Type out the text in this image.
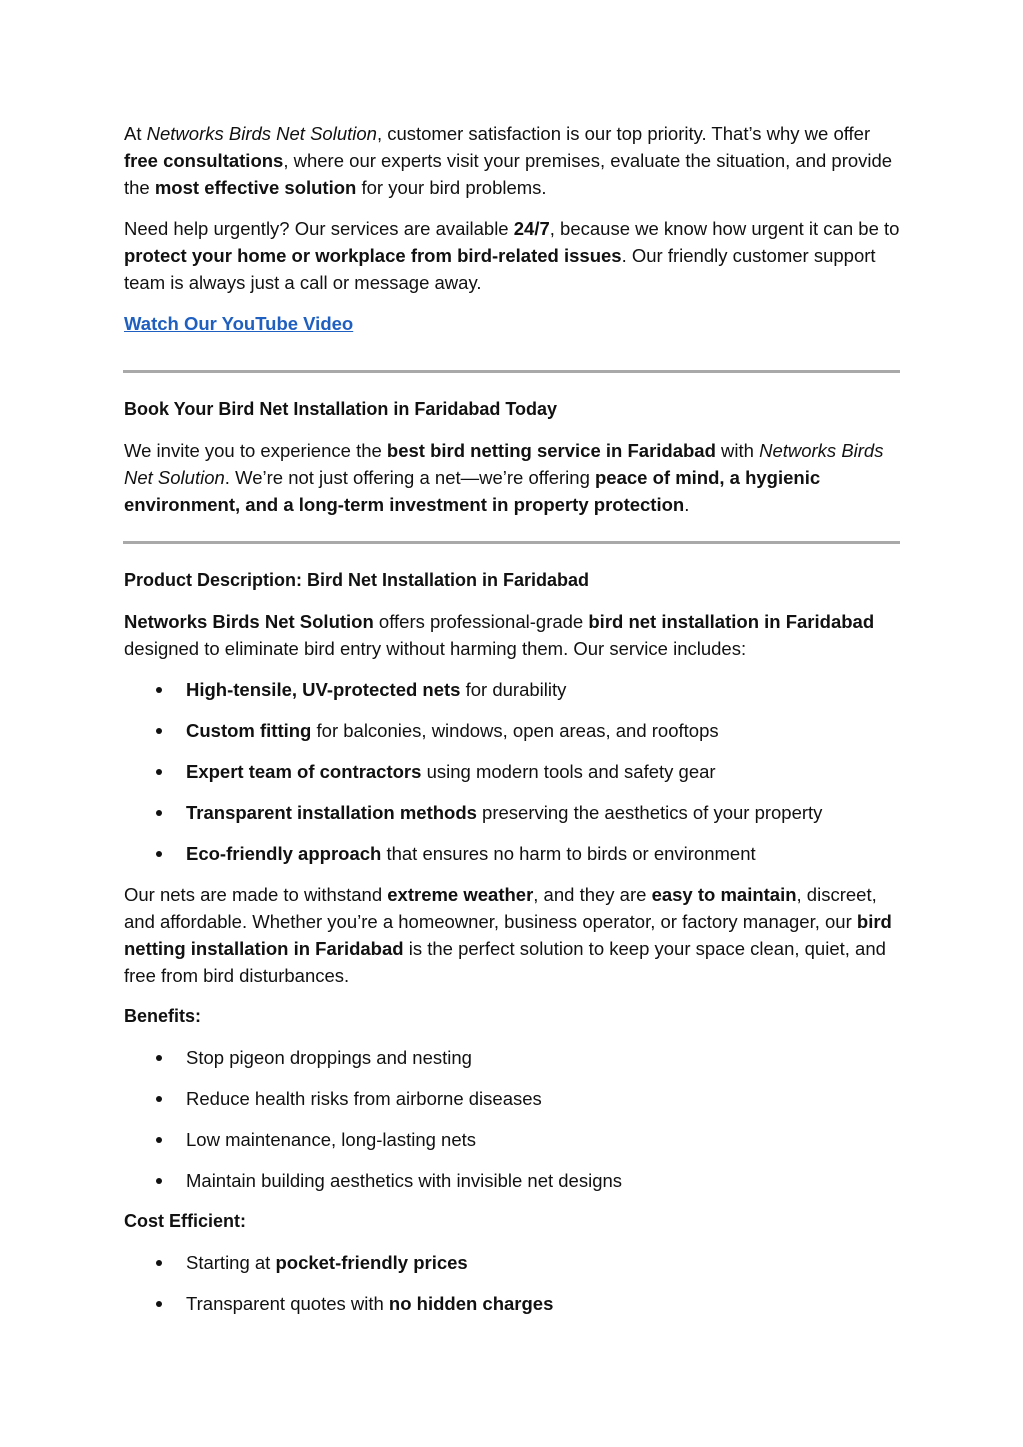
At Networks Birds Net Solution, customer satisfaction is our top priority. That’s why we offer free consultations, where our experts visit your premises, evaluate the situation, and provide the most effective solution for your bird problems.

Need help urgently? Our services are available 24/7, because we know how urgent it can be to protect your home or workplace from bird-related issues. Our friendly customer support team is always just a call or message away.

Watch Our YouTube Video

Book Your Bird Net Installation in Faridabad Today

We invite you to experience the best bird netting service in Faridabad with Networks Birds Net Solution. We’re not just offering a net—we’re offering peace of mind, a hygienic environment, and a long-term investment in property protection.

Product Description: Bird Net Installation in Faridabad

Networks Birds Net Solution offers professional-grade bird net installation in Faridabad designed to eliminate bird entry without harming them. Our service includes:

High-tensile, UV-protected nets for durability
Custom fitting for balconies, windows, open areas, and rooftops
Expert team of contractors using modern tools and safety gear
Transparent installation methods preserving the aesthetics of your property
Eco-friendly approach that ensures no harm to birds or environment

Our nets are made to withstand extreme weather, and they are easy to maintain, discreet, and affordable. Whether you’re a homeowner, business operator, or factory manager, our bird netting installation in Faridabad is the perfect solution to keep your space clean, quiet, and free from bird disturbances.

Benefits:

Stop pigeon droppings and nesting
Reduce health risks from airborne diseases
Low maintenance, long-lasting nets
Maintain building aesthetics with invisible net designs

Cost Efficient:

Starting at pocket-friendly prices
Transparent quotes with no hidden charges
